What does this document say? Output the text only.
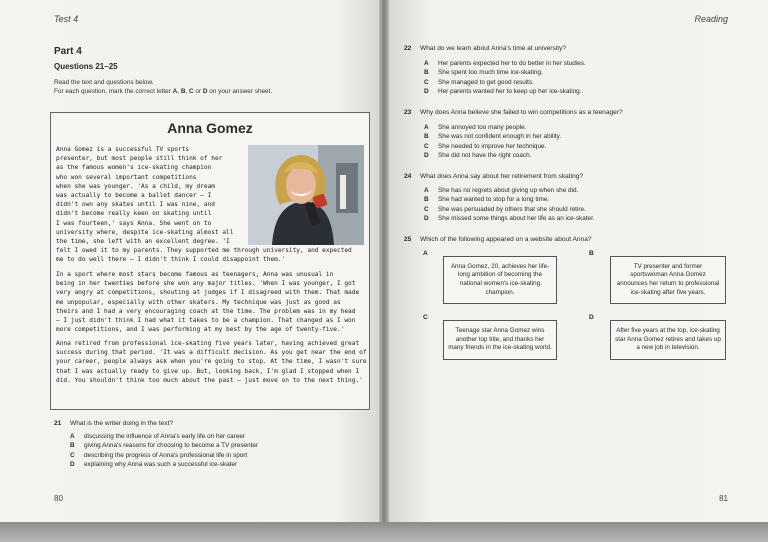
Test 4
Part 4
Questions 21–25
Read the text and questions below.
For each question, mark the correct letter A, B, C or D on your answer sheet.
Anna Gomez
Anna Gomez is a successful TV sports
presenter, but most people still think of her
as the famous women's ice-skating champion
who won several important competitions
when she was younger. 'As a child, my dream
was actually to become a ballet dancer – I
didn't own any skates until I was nine, and
didn't become really keen on skating until
I was fourteen,' says Anna. She went on to
university where, despite ice-skating almost all
the time, she left with an excellent degree. 'I
felt I owed it to my parents. They supported me through university, and expected
me to do well there – I didn't think I could disappoint them.'
In a sport where most stars become famous as teenagers, Anna was unusual in
being in her twenties before she won any major titles. 'When I was younger, I got
very angry at competitions, shouting at judges if I disagreed with them. That made
me unpopular, especially with other skaters. My technique was just as good as
theirs and I had a very encouraging coach at the time. The problem was in my head
– I just didn't think I had what it takes to be a champion. That changed as I won
more competitions, and I was performing at my best by the age of twenty-five.'
Anna retired from professional ice-skating five years later, having achieved great
success during that period. 'It was a difficult decision. As you get near the end of
your career, people always ask when you're going to stop. At the time, I wasn't sure
that I was actually ready to give up. But, looking back, I'm glad I stopped when I
did. You shouldn't think too much about the past – just move on to the next thing.'
21 What is the writer doing in the text?
A discussing the influence of Anna's early life on her career
B giving Anna's reasons for choosing to become a TV presenter
C describing the progress of Anna's professional life in sport
D explaining why Anna was such a successful ice-skater
80
Reading
22 What do we learn about Anna's time at university?
A Her parents expected her to do better in her studies.
B She spent too much time ice-skating.
C She managed to get good results.
D Her parents wanted her to keep up her ice-skating.
23 Why does Anna believe she failed to win competitions as a teenager?
A She annoyed too many people.
B She was not confident enough in her ability.
C She needed to improve her technique.
D She did not have the right coach.
24 What does Anna say about her retirement from skating?
A She has no regrets about giving up when she did.
B She had wanted to stop for a long time.
C She was persuaded by others that she should retire.
D She missed some things about her life as an ice-skater.
25 Which of the following appeared on a website about Anna?
A
Anna Gomez, 20, achieves her life-long ambition of becoming the national women's ice-skating champion.
B
TV presenter and former sportswoman Anna Gomez announces her return to professional ice-skating after five years.
C
Teenage star Anna Gomez wins another top title, and thanks her many friends in the ice-skating world.
D
After five years at the top, ice-skating star Anna Gomez retires and takes up a new job in television.
81
